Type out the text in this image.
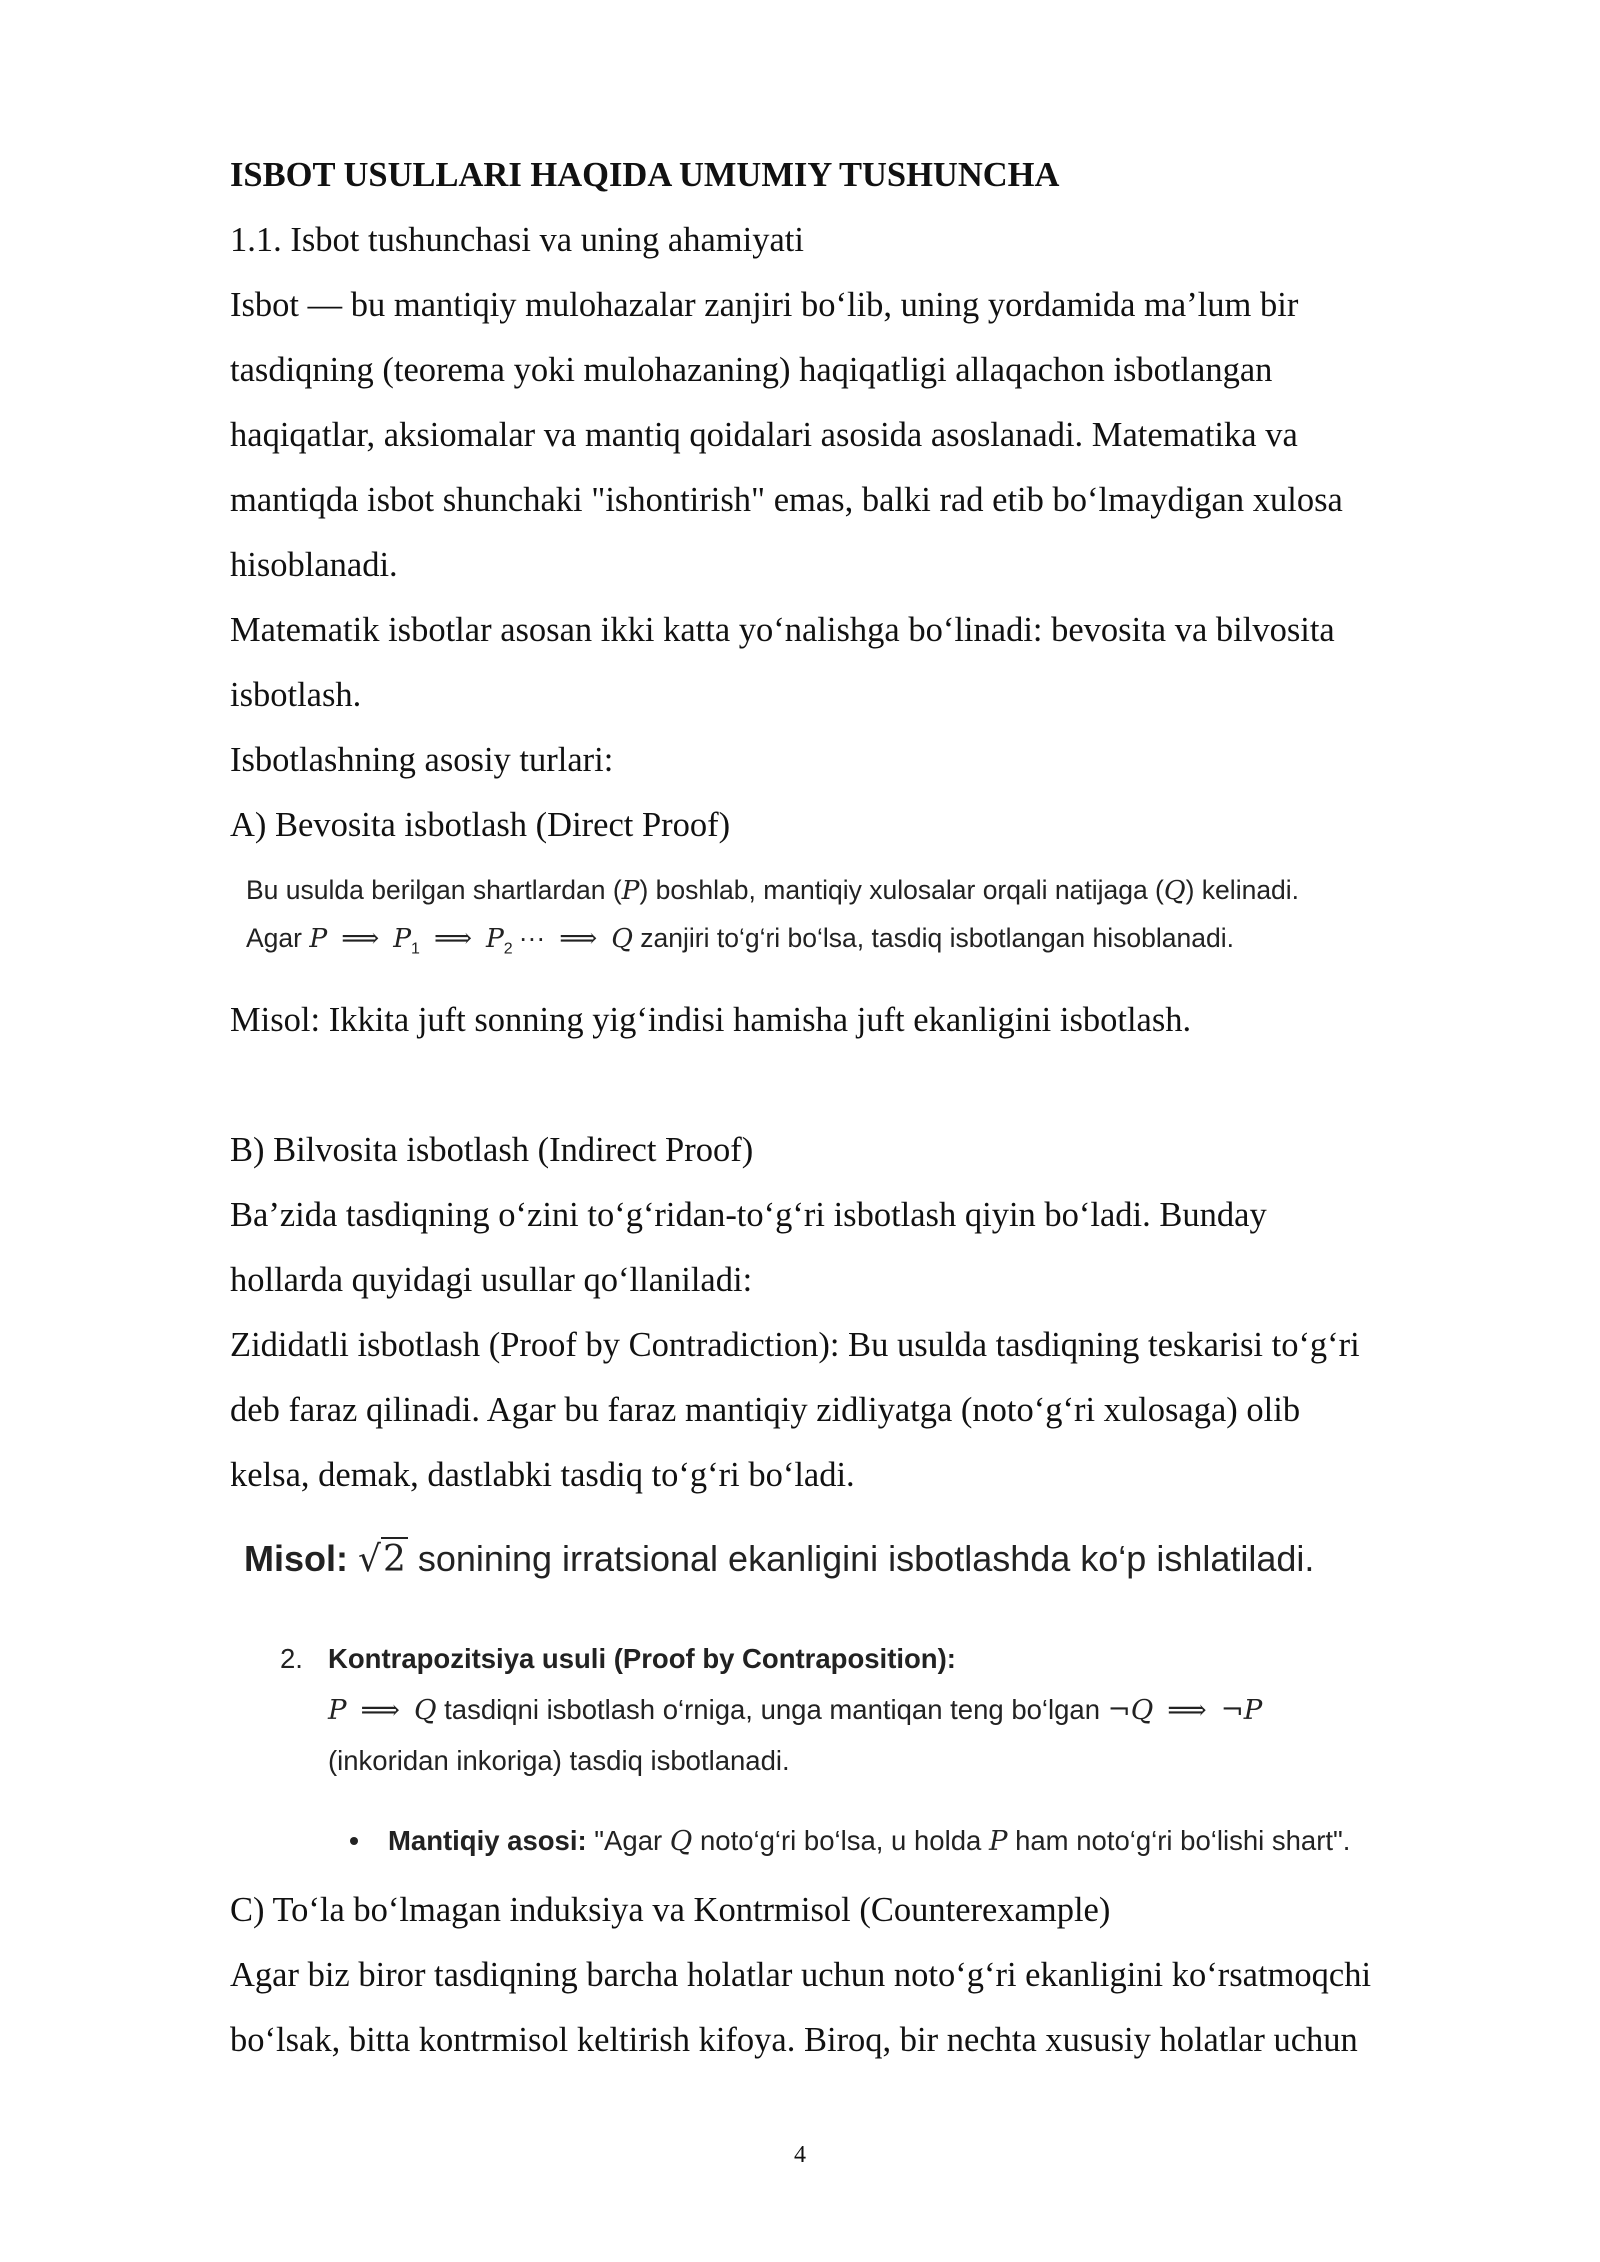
ISBOT USULLARI HAQIDA UMUMIY TUSHUNCHA
1.1. Isbot tushunchasi va uning ahamiyati
Isbot — bu mantiqiy mulohazalar zanjiri bo‘lib, uning yordamida ma’lum bir
tasdiqning (teorema yoki mulohazaning) haqiqatligi allaqachon isbotlangan
haqiqatlar, aksiomalar va mantiq qoidalari asosida asoslanadi. Matematika va
mantiqda isbot shunchaki "ishontirish" emas, balki rad etib bo‘lmaydigan xulosa
hisoblanadi.
Matematik isbotlar asosan ikki katta yo‘nalishga bo‘linadi: bevosita va bilvosita
isbotlash.
Isbotlashning asosiy turlari:
A) Bevosita isbotlash (Direct Proof)
Bu usulda berilgan shartlardan (P) boshlab, mantiqiy xulosalar orqali natijaga (Q) kelinadi.
Agar P ⟹ $P_1$ ⟹ $P_2$ ··· ⟹ Q zanjiri to‘g‘ri bo‘lsa, tasdiq isbotlangan hisoblanadi.
Misol: Ikkita juft sonning yig‘indisi hamisha juft ekanligini isbotlash.
B) Bilvosita isbotlash (Indirect Proof)
Ba’zida tasdiqning o‘zini to‘g‘ridan-to‘g‘ri isbotlash qiyin bo‘ladi. Bunday
hollarda quyidagi usullar qo‘llaniladi:
Zididatli isbotlash (Proof by Contradiction): Bu usulda tasdiqning teskarisi to‘g‘ri
deb faraz qilinadi. Agar bu faraz mantiqiy zidliyatga (noto‘g‘ri xulosaga) olib
kelsa, demak, dastlabki tasdiq to‘g‘ri bo‘ladi.
Misol: √2 sonining irratsional ekanligini isbotlashda ko‘p ishlatiladi.
2. Kontrapozitsiya usuli (Proof by Contraposition):
P ⟹ Q tasdiqni isbotlash o‘rniga, unga mantiqan teng bo‘lgan ¬Q ⟹ ¬P
(inkoridan inkoriga) tasdiq isbotlanadi.
Mantiqiy asosi: "Agar Q noto‘g‘ri bo‘lsa, u holda P ham noto‘g‘ri bo‘lishi shart".
C) To‘la bo‘lmagan induksiya va Kontrmisol (Counterexample)
Agar biz biror tasdiqning barcha holatlar uchun noto‘g‘ri ekanligini ko‘rsatmoqchi
bo‘lsak, bitta kontrmisol keltirish kifoya. Biroq, bir nechta xususiy holatlar uchun
4
